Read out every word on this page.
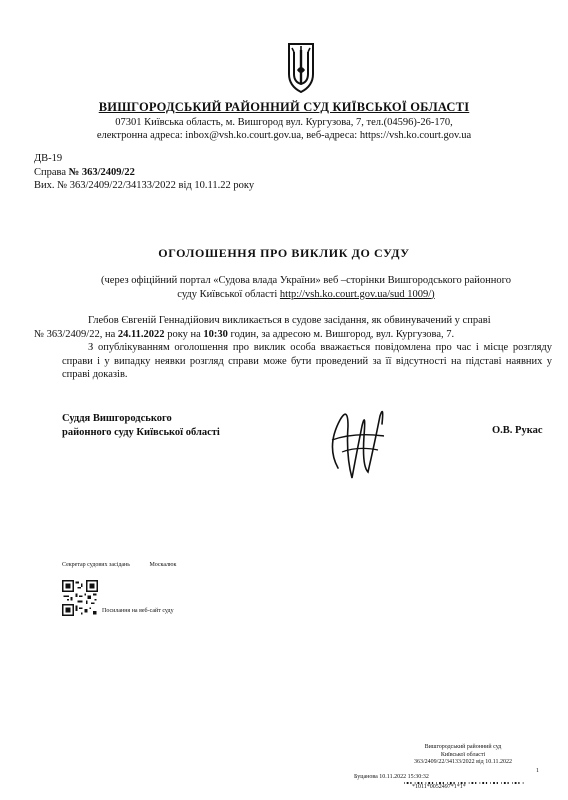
ВИШГОРОДСЬКИЙ РАЙОННИЙ СУД КИЇВСЬКОЇ ОБЛАСТІ
07301 Київська область, м. Вишгород вул. Кургузова, 7, тел.(04596)-26-170,
електронна адреса: inbox@vsh.ko.court.gov.ua, веб-адреса: https://vsh.ko.court.gov.ua
ДВ-19
Справа № 363/2409/22
Вих. № 363/2409/22/34133/2022 від 10.11.22 року
ОГОЛОШЕННЯ ПРО ВИКЛИК ДО СУДУ
(через офіційний портал «Судова влада України» веб –сторінки Вишгородського районного
суду Київської області http://vsh.ko.court.gov.ua/sud 1009/)

Глебов Євгеній Геннадійович викликається в судове засідання, як обвинувачений у справі

№ 363/2409/22, на 24.11.2022 року на 10:30 годин, за адресою м. Вишгород, вул. Кургузова, 7.

З опублікуванням оголошення про виклик особа вважається повідомлена про час і місце розгляду справи і у випадку неявки розгляд справи може бути проведений за її відсутності на підставі наявних у справі доказів.

Суддя Вишгородського
районного суду Київської області	О.В. Рукас
Секретар судових засідань	Москалюк
Посилання на веб-сайт суду
Вишгородський районний суд
Київської області
363/2409/22/34133/2022 від 10.11.2022
Буцанова 10.11.2022 15:30:32
*1011*0052497*1*1*
1
